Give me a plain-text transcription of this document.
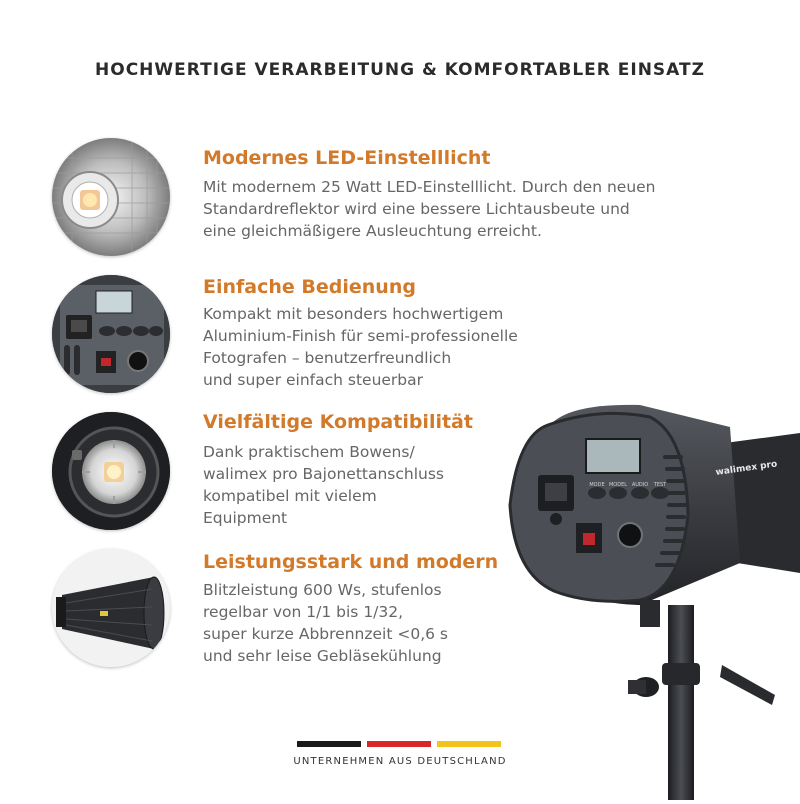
HOCHWERTIGE VERARBEITUNG & KOMFORTABLER EINSATZ
Modernes LED-Einstelllicht
Mit modernem 25 Watt LED-Einstelllicht. Durch den neuen
Standardreflektor wird eine bessere Lichtausbeute und
eine gleichmäßigere Ausleuchtung erreicht.
Einfache Bedienung
Kompakt mit besonders hochwertigem
Aluminium-Finish für semi-professionelle
Fotografen – benutzerfreundlich
und super einfach steuerbar
Vielfältige Kompatibilität
Dank praktischem Bowens/
walimex pro Bajonettanschluss
kompatibel mit vielem
Equipment
Leistungsstark und modern
Blitzleistung 600 Ws, stufenlos
regelbar von 1/1 bis 1/32,
super kurze Abbrennzeit <0,6 s
und sehr leise Gebläsekühlung
MODE MODEL AUDIO TEST
walimex pro
UNTERNEHMEN AUS DEUTSCHLAND
